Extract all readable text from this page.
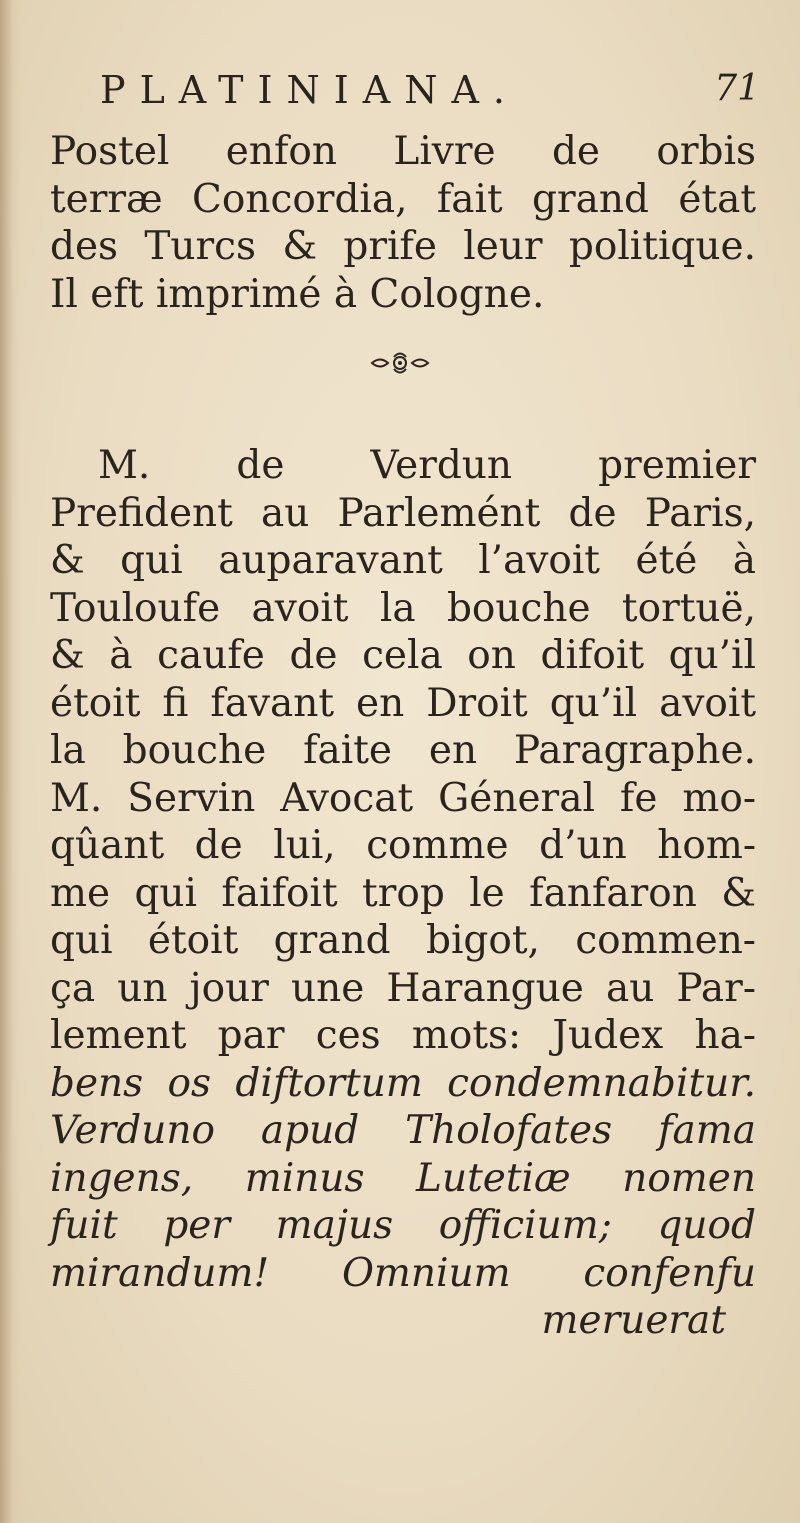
PLATINIANA.	71
Postel enfon Livre de orbis
terræ Concordia, fait grand état
des Turcs & prife leur politique.
Il eft imprimé à Cologne.
M. de Verdun premier
Prefident au Parlemént de Paris,
& qui auparavant l’avoit été à
Touloufe avoit la bouche tortuë,
& à caufe de cela on difoit qu’il
étoit fi favant en Droit qu’il avoit
la bouche faite en Paragraphe.
M. Servin Avocat Géneral fe mo-
qûant de lui, comme d’un hom-
me qui faifoit trop le fanfaron &
qui étoit grand bigot, commen-
ça un jour une Harangue au Par-
lement par ces mots: Judex ha-
bens os diftortum condemnabitur.
Verduno apud Tholofates fama
ingens, minus Lutetiæ nomen
fuit per majus officium; quod
mirandum! Omnium confenfu
meruerat
